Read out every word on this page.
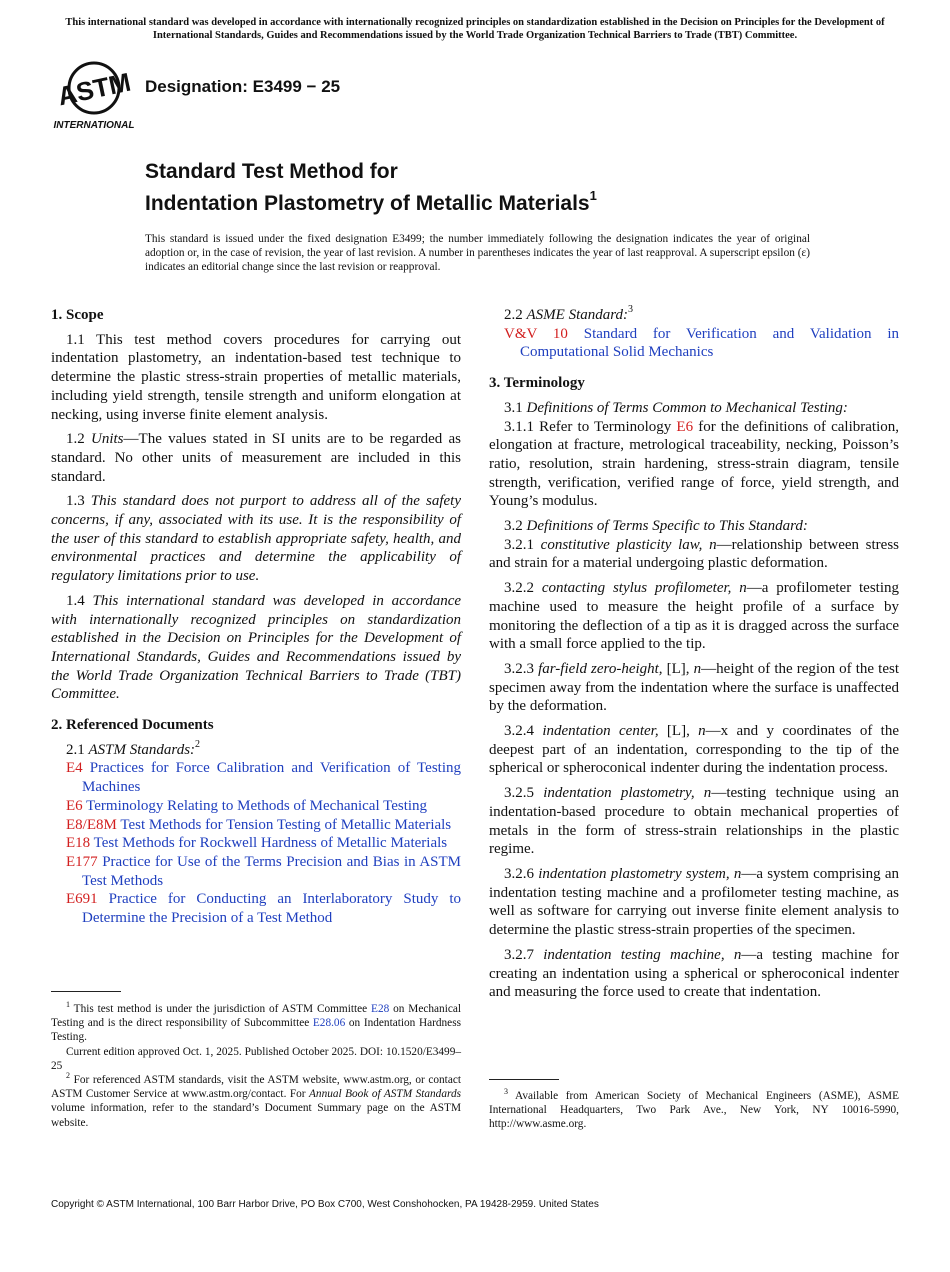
This international standard was developed in accordance with internationally recognized principles on standardization established in the Decision on Principles for the Development of International Standards, Guides and Recommendations issued by the World Trade Organization Technical Barriers to Trade (TBT) Committee.
ASTM
INTERNATIONAL
Designation: E3499 − 25
Standard Test Method for
Indentation Plastometry of Metallic Materials$^1$
This standard is issued under the fixed designation E3499; the number immediately following the designation indicates the year of original adoption or, in the case of revision, the year of last revision. A number in parentheses indicates the year of last reapproval. A superscript epsilon (ε) indicates an editorial change since the last revision or reapproval.
1. Scope

1.1 This test method covers procedures for carrying out indentation plastometry, an indentation-based test technique to determine the plastic stress-strain properties of metallic materials, including yield strength, tensile strength and uniform elongation at necking, using inverse finite element analysis.

1.2 Units—The values stated in SI units are to be regarded as standard. No other units of measurement are included in this standard.

1.3 This standard does not purport to address all of the safety concerns, if any, associated with its use. It is the responsibility of the user of this standard to establish appropriate safety, health, and environmental practices and determine the applicability of regulatory limitations prior to use.

1.4 This international standard was developed in accordance with internationally recognized principles on standardization established in the Decision on Principles for the Development of International Standards, Guides and Recommendations issued by the World Trade Organization Technical Barriers to Trade (TBT) Committee.

2. Referenced Documents

2.1 ASTM Standards:$^2$

E4 Practices for Force Calibration and Verification of Testing Machines

E6 Terminology Relating to Methods of Mechanical Testing

E8/E8M Test Methods for Tension Testing of Metallic Materials

E18 Test Methods for Rockwell Hardness of Metallic Materials

E177 Practice for Use of the Terms Precision and Bias in ASTM Test Methods

E691 Practice for Conducting an Interlaboratory Study to Determine the Precision of a Test Method

$^1$ This test method is under the jurisdiction of ASTM Committee E28 on Mechanical Testing and is the direct responsibility of Subcommittee E28.06 on Indentation Hardness Testing.

Current edition approved Oct. 1, 2025. Published October 2025. DOI: 10.1520/E3499–25

$^2$ For referenced ASTM standards, visit the ASTM website, www.astm.org, or contact ASTM Customer Service at www.astm.org/contact. For Annual Book of ASTM Standards volume information, refer to the standard’s Document Summary page on the ASTM website.

2.2 ASME Standard:$^3$

V&V 10 Standard for Verification and Validation in Computational Solid Mechanics

3. Terminology

3.1 Definitions of Terms Common to Mechanical Testing:

3.1.1 Refer to Terminology E6 for the definitions of calibration, elongation at fracture, metrological traceability, necking, Poisson’s ratio, resolution, strain hardening, stress-strain diagram, tensile strength, verification, verified range of force, yield strength, and Young’s modulus.

3.2 Definitions of Terms Specific to This Standard:

3.2.1 constitutive plasticity law, n—relationship between stress and strain for a material undergoing plastic deformation.

3.2.2 contacting stylus profilometer, n—a profilometer testing machine used to measure the height profile of a surface by monitoring the deflection of a tip as it is dragged across the surface with a small force applied to the tip.

3.2.3 far-field zero-height, [L], n—height of the region of the test specimen away from the indentation where the surface is unaffected by the deformation.

3.2.4 indentation center, [L], n—x and y coordinates of the deepest part of an indentation, corresponding to the tip of the spherical or spheroconical indenter during the indentation process.

3.2.5 indentation plastometry, n—testing technique using an indentation-based procedure to obtain mechanical properties of metals in the form of stress-strain relationships in the plastic regime.

3.2.6 indentation plastometry system, n—a system comprising an indentation testing machine and a profilometer testing machine, as well as software for carrying out inverse finite element analysis to determine the plastic stress-strain properties of the specimen.

3.2.7 indentation testing machine, n—a testing machine for creating an indentation using a spherical or spheroconical indenter and measuring the force used to create that indentation.

$^3$ Available from American Society of Mechanical Engineers (ASME), ASME International Headquarters, Two Park Ave., New York, NY 10016-5990, http://www.asme.org.

Copyright © ASTM International, 100 Barr Harbor Drive, PO Box C700, West Conshohocken, PA 19428-2959. United States
